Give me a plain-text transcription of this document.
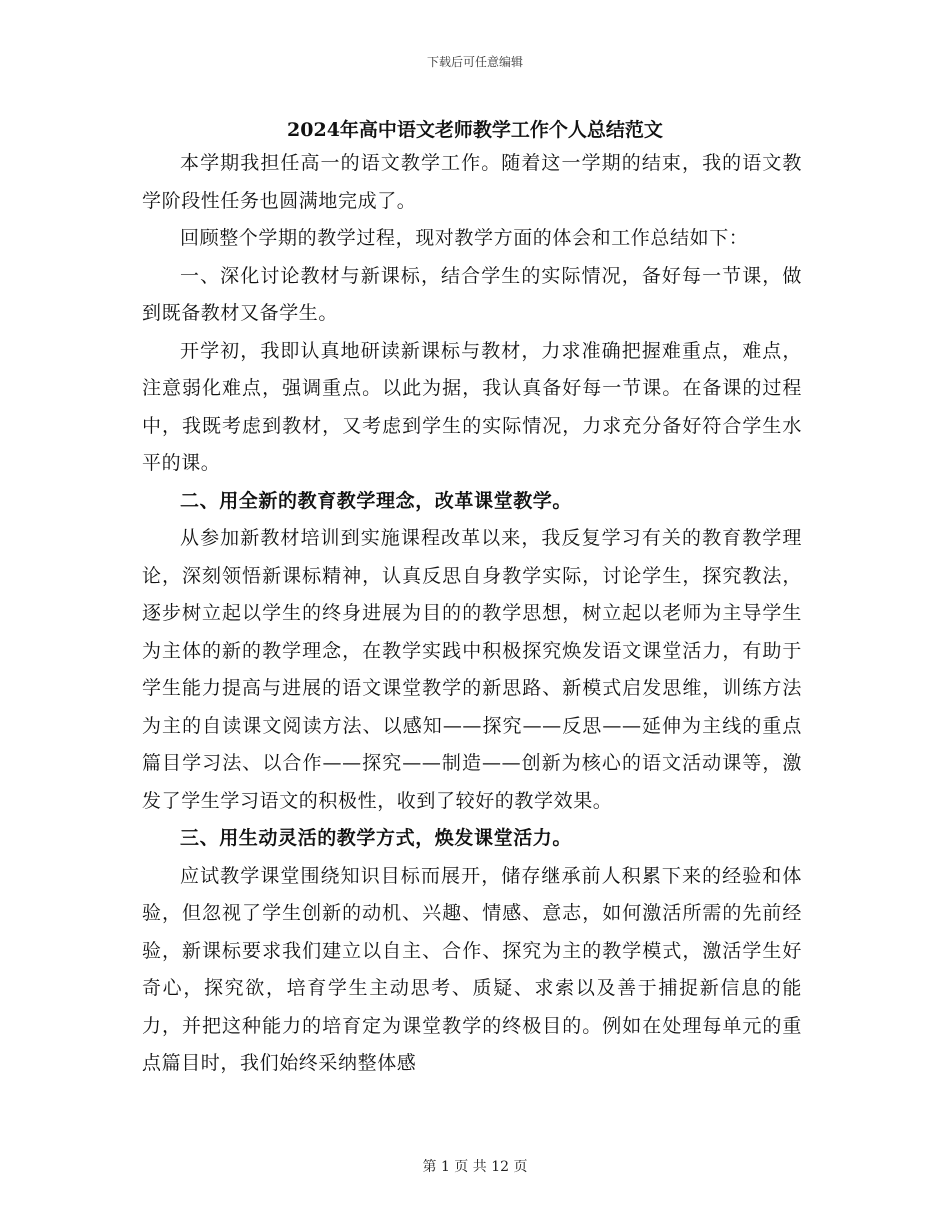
下载后可任意编辑
2024年高中语文老师教学工作个人总结范文

本学期我担任高一的语文教学工作。随着这一学期的结束，我的语文教学阶段性任务也圆满地完成了。

回顾整个学期的教学过程，现对教学方面的体会和工作总结如下：

一、深化讨论教材与新课标，结合学生的实际情况，备好每一节课，做到既备教材又备学生。

开学初，我即认真地研读新课标与教材，力求准确把握难重点，难点，注意弱化难点，强调重点。以此为据，我认真备好每一节课。在备课的过程中，我既考虑到教材，又考虑到学生的实际情况，力求充分备好符合学生水平的课。

二、用全新的教育教学理念，改革课堂教学。

从参加新教材培训到实施课程改革以来，我反复学习有关的教育教学理论，深刻领悟新课标精神，认真反思自身教学实际，讨论学生，探究教法，逐步树立起以学生的终身进展为目的的教学思想，树立起以老师为主导学生为主体的新的教学理念，在教学实践中积极探究焕发语文课堂活力，有助于学生能力提高与进展的语文课堂教学的新思路、新模式启发思维，训练方法为主的自读课文阅读方法、以感知——探究——反思——延伸为主线的重点篇目学习法、以合作——探究——制造——创新为核心的语文活动课等，激发了学生学习语文的积极性，收到了较好的教学效果。

三、用生动灵活的教学方式，焕发课堂活力。

应试教学课堂围绕知识目标而展开，储存继承前人积累下来的经验和体验，但忽视了学生创新的动机、兴趣、情感、意志，如何激活所需的先前经验，新课标要求我们建立以自主、合作、探究为主的教学模式，激活学生好奇心，探究欲，培育学生主动思考、质疑、求索以及善于捕捉新信息的能力，并把这种能力的培育定为课堂教学的终极目的。例如在处理每单元的重点篇目时，我们始终采纳整体感

第 1 页 共 12 页
